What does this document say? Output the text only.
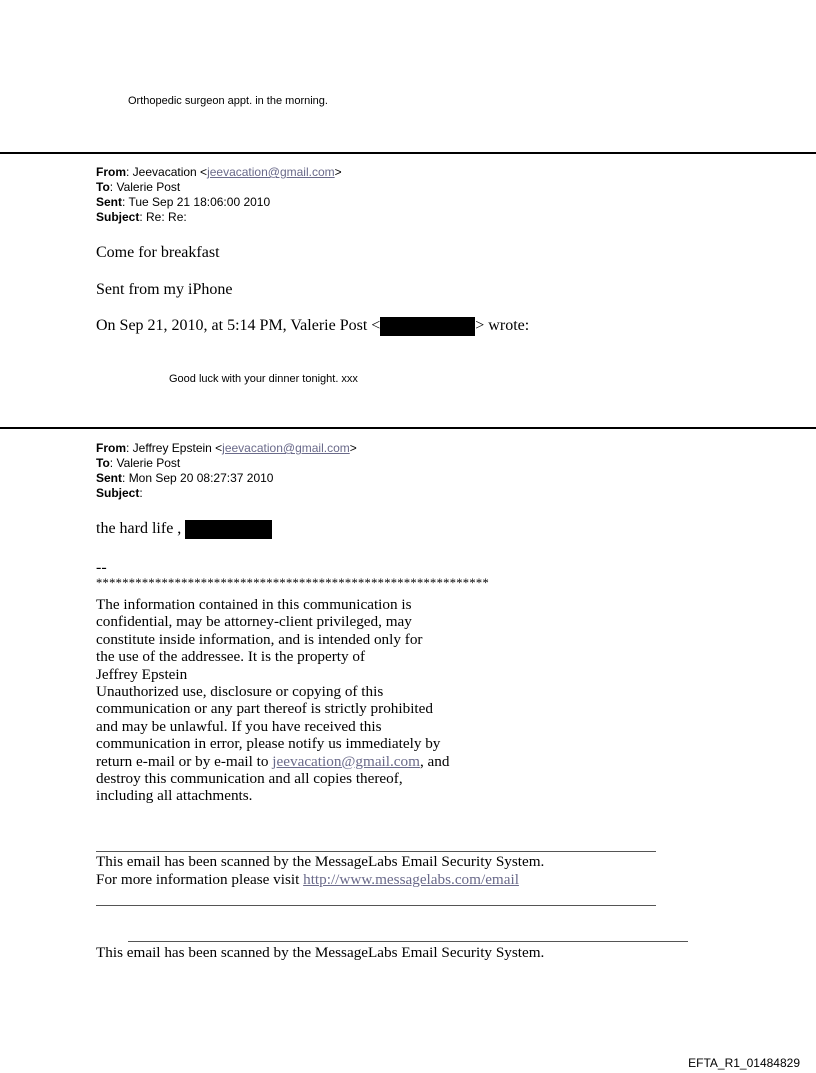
Orthopedic surgeon appt. in the morning.
From: Jeevacation <jeevacation@gmail.com>
To: Valerie Post
Sent: Tue Sep 21 18:06:00 2010
Subject: Re: Re:
Come for breakfast
Sent from my iPhone
On Sep 21, 2010, at 5:14 PM, Valerie Post <	> wrote:
Good luck with your dinner tonight. xxx
From: Jeffrey Epstein <jeevacation@gmail.com>
To: Valerie Post
Sent: Mon Sep 20 08:27:37 2010
Subject:
the hard life ,
--
************************************************************
The information contained in this communication is
confidential, may be attorney-client privileged, may
constitute inside information, and is intended only for
the use of the addressee. It is the property of
Jeffrey Epstein
Unauthorized use, disclosure or copying of this
communication or any part thereof is strictly prohibited
and may be unlawful. If you have received this
communication in error, please notify us immediately by
return e-mail or by e-mail to jeevacation@gmail.com, and
destroy this communication and all copies thereof,
including all attachments.
This email has been scanned by the MessageLabs Email Security System.
For more information please visit http://www.messagelabs.com/email
This email has been scanned by the MessageLabs Email Security System.
EFTA_R1_01484829
